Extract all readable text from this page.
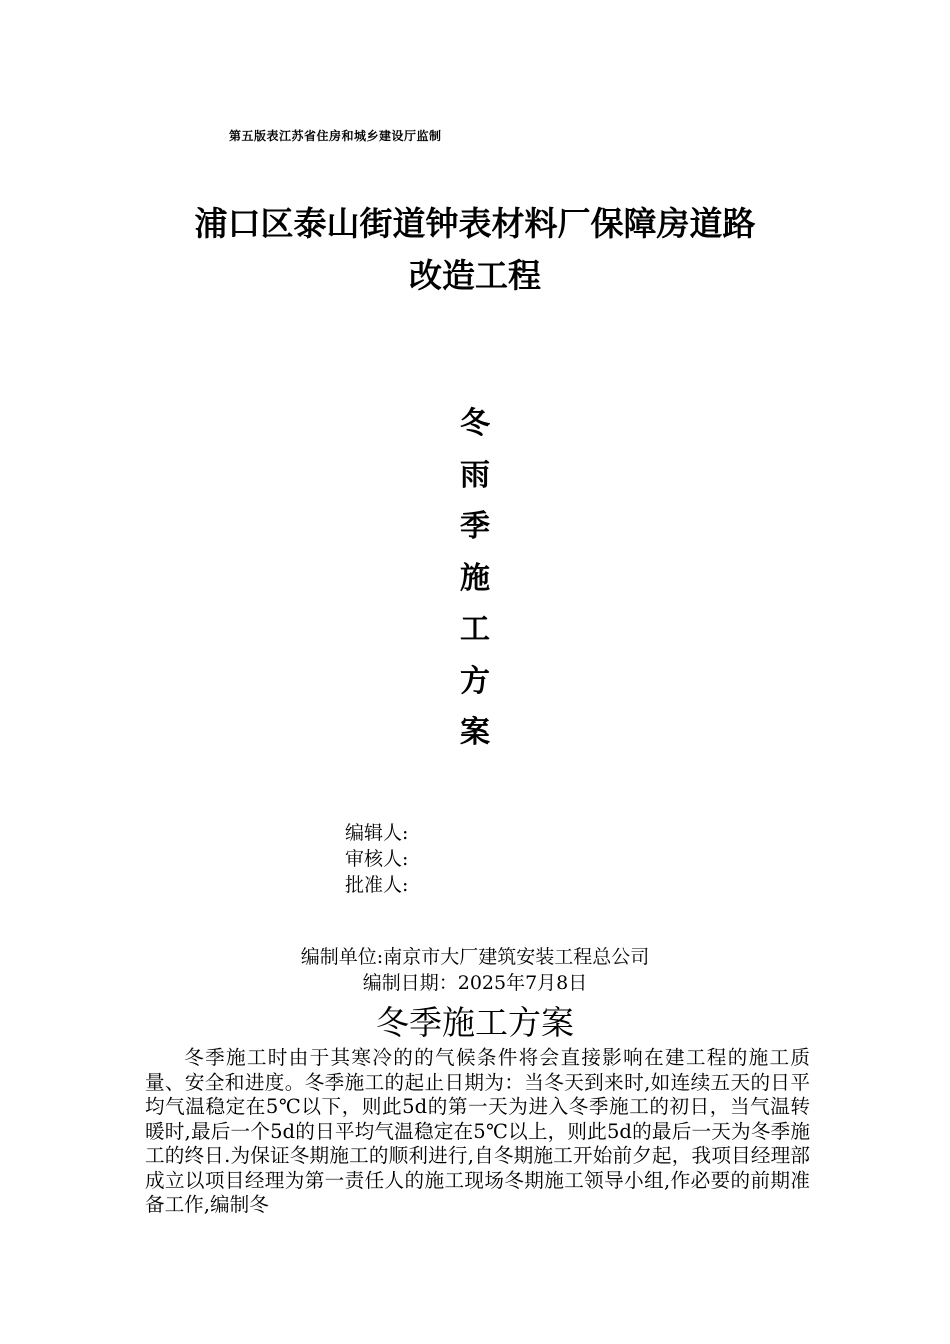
第五版表江苏省住房和城乡建设厅监制
浦口区泰山街道钟表材料厂保障房道路
改造工程
冬
雨
季
施
工
方
案
编辑人:
审核人:
批准人:
编制单位:南京市大厂建筑安装工程总公司
编制日期：2025年7月8日
冬季施工方案
冬季施工时由于其寒冷的的气候条件将会直接影响在建工程的施工质量、安全和进度。冬季施工的起止日期为：当冬天到来时,如连续五天的日平均气温稳定在5℃以下，则此5d的第一天为进入冬季施工的初日，当气温转暖时,最后一个5d的日平均气温稳定在5℃以上，则此5d的最后一天为冬季施工的终日.为保证冬期施工的顺利进行,自冬期施工开始前夕起，我项目经理部成立以项目经理为第一责任人的施工现场冬期施工领导小组,作必要的前期准备工作,编制冬
